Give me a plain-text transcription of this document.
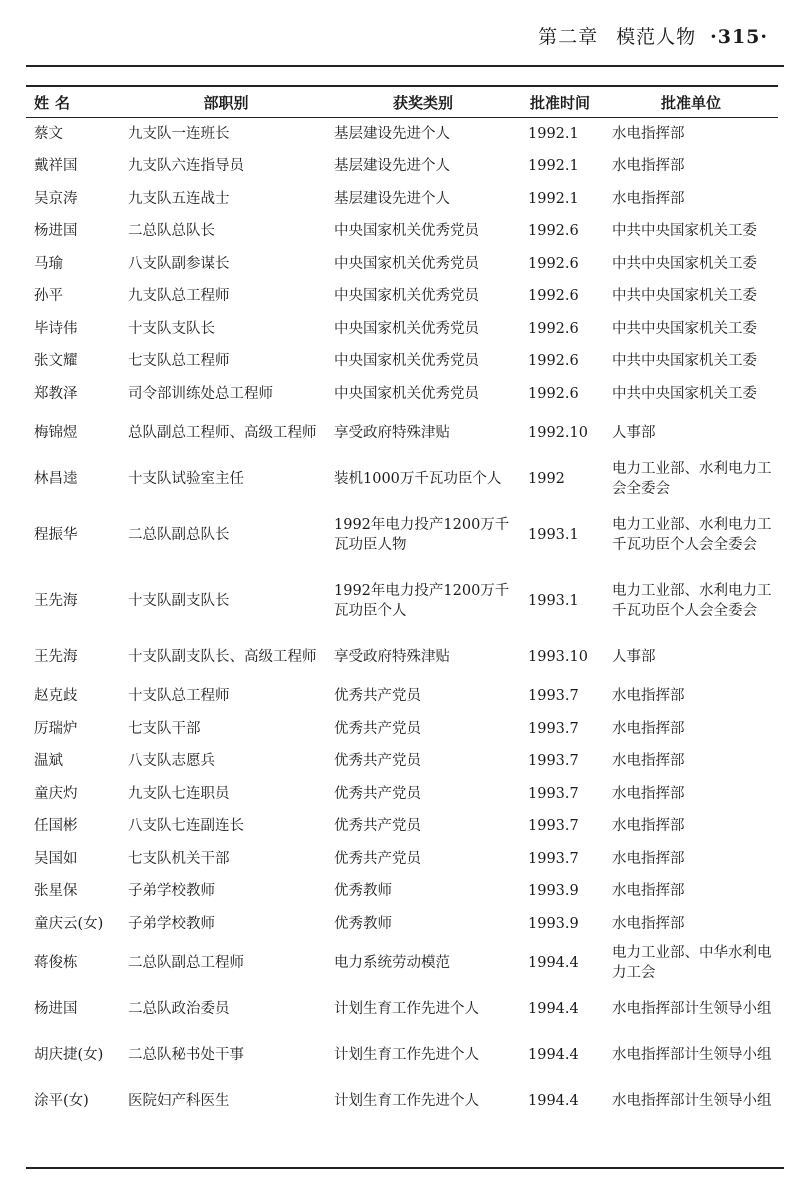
第二章 模范人物 ·315·
姓名	部职别	获奖类别	批准时间	批准单位
蔡文	九支队一连班长	基层建设先进个人	1992.1	水电指挥部
戴祥国	九支队六连指导员	基层建设先进个人	1992.1	水电指挥部
吴京涛	九支队五连战士	基层建设先进个人	1992.1	水电指挥部
杨进国	二总队总队长	中央国家机关优秀党员	1992.6	中共中央国家机关工委
马瑜	八支队副参谋长	中央国家机关优秀党员	1992.6	中共中央国家机关工委
孙平	九支队总工程师	中央国家机关优秀党员	1992.6	中共中央国家机关工委
毕诗伟	十支队支队长	中央国家机关优秀党员	1992.6	中共中央国家机关工委
张文耀	七支队总工程师	中央国家机关优秀党员	1992.6	中共中央国家机关工委
郑教泽	司令部训练处总工程师	中央国家机关优秀党员	1992.6	中共中央国家机关工委
梅锦煜	总队副总工程师、高级工程师	享受政府特殊津贴	1992.10	人事部
林昌逵	十支队试验室主任	装机1000万千瓦功臣个人	1992	电力工业部、水利电力工会全委会
程振华	二总队副总队长	1992年电力投产1200万千瓦功臣人物	1993.1	电力工业部、水利电力工千瓦功臣个人会全委会
王先海	十支队副支队长	1992年电力投产1200万千瓦功臣个人	1993.1	电力工业部、水利电力工千瓦功臣个人会全委会
王先海	十支队副支队长、高级工程师	享受政府特殊津贴	1993.10	人事部
赵克歧	十支队总工程师	优秀共产党员	1993.7	水电指挥部
厉瑞炉	七支队干部	优秀共产党员	1993.7	水电指挥部
温斌	八支队志愿兵	优秀共产党员	1993.7	水电指挥部
童庆灼	九支队七连职员	优秀共产党员	1993.7	水电指挥部
任国彬	八支队七连副连长	优秀共产党员	1993.7	水电指挥部
吴国如	七支队机关干部	优秀共产党员	1993.7	水电指挥部
张星保	子弟学校教师	优秀教师	1993.9	水电指挥部
童庆云(女)	子弟学校教师	优秀教师	1993.9	水电指挥部
蒋俊栋	二总队副总工程师	电力系统劳动模范	1994.4	电力工业部、中华水利电力工会
杨进国	二总队政治委员	计划生育工作先进个人	1994.4	水电指挥部计生领导小组
胡庆捷(女)	二总队秘书处干事	计划生育工作先进个人	1994.4	水电指挥部计生领导小组
涂平(女)	医院妇产科医生	计划生育工作先进个人	1994.4	水电指挥部计生领导小组
